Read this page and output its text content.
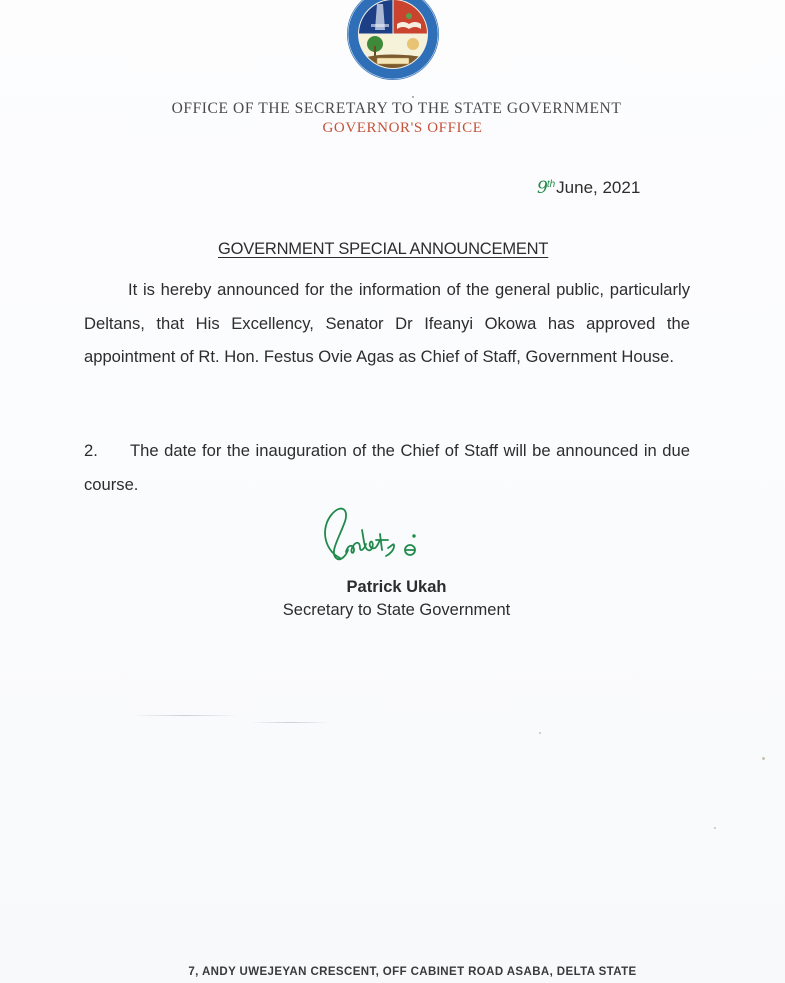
OFFICE OF THE SECRETARY TO THE STATE GOVERNMENT
GOVERNOR'S OFFICE
9thJune, 2021
GOVERNMENT SPECIAL ANNOUNCEMENT
It is hereby announced for the information of the general public, particularly Deltans, that His Excellency, Senator Dr Ifeanyi Okowa has approved the appointment of Rt. Hon. Festus Ovie Agas as Chief of Staff, Government House.
2. The date for the inauguration of the Chief of Staff will be announced in due course.
Patrick Ukah
Secretary to State Government
7, ANDY UWEJEYAN CRESCENT, OFF CABINET ROAD ASABA, DELTA STATE
